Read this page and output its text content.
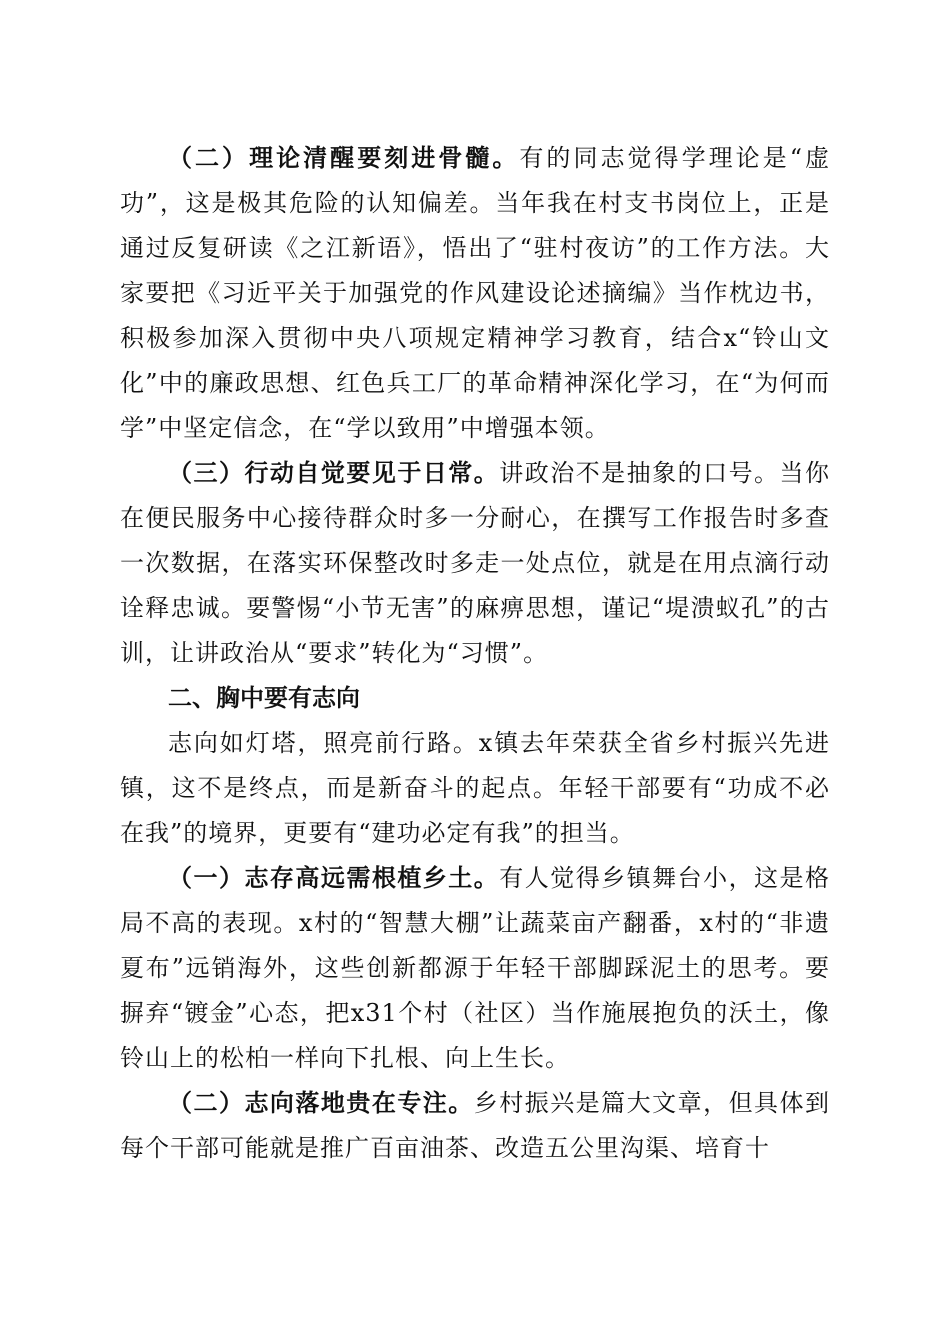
（二）理论清醒要刻进骨髓。有的同志觉得学理论是“虚功”，这是极其危险的认知偏差。当年我在村支书岗位上，正是通过反复研读《之江新语》，悟出了“驻村夜访”的工作方法。大家要把《习近平关于加强党的作风建设论述摘编》当作枕边书，积极参加深入贯彻中央八项规定精神学习教育，结合x“铃山文化”中的廉政思想、红色兵工厂的革命精神深化学习，在“为何而学”中坚定信念，在“学以致用”中增强本领。

（三）行动自觉要见于日常。讲政治不是抽象的口号。当你在便民服务中心接待群众时多一分耐心，在撰写工作报告时多查一次数据，在落实环保整改时多走一处点位，就是在用点滴行动诠释忠诚。要警惕“小节无害”的麻痹思想，谨记“堤溃蚁孔”的古训，让讲政治从“要求”转化为“习惯”。

二、胸中要有志向

志向如灯塔，照亮前行路。x镇去年荣获全省乡村振兴先进镇，这不是终点，而是新奋斗的起点。年轻干部要有“功成不必在我”的境界，更要有“建功必定有我”的担当。

（一）志存高远需根植乡土。有人觉得乡镇舞台小，这是格局不高的表现。x村的“智慧大棚”让蔬菜亩产翻番，x村的“非遗夏布”远销海外，这些创新都源于年轻干部脚踩泥土的思考。要摒弃“镀金”心态，把x31个村（社区）当作施展抱负的沃土，像铃山上的松柏一样向下扎根、向上生长。

（二）志向落地贵在专注。乡村振兴是篇大文章，但具体到每个干部可能就是推广百亩油茶、改造五公里沟渠、培育十
